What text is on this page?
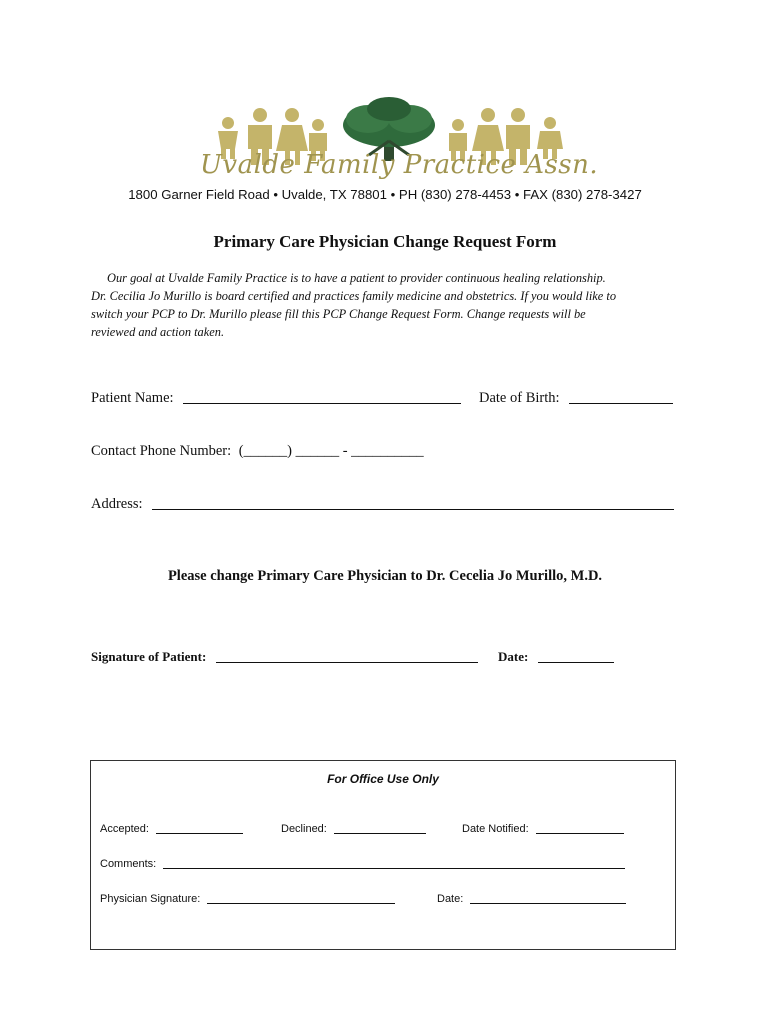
Uvalde Family Practice Assn.
1800 Garner Field Road • Uvalde, TX 78801 • PH (830) 278-4453 • FAX (830) 278-3427
Primary Care Physician Change Request Form

Our goal at Uvalde Family Practice is to have a patient to provider continuous healing relationship.

Dr. Cecilia Jo Murillo is board certified and practices family medicine and obstetrics. If you would like to

switch your PCP to Dr. Murillo please fill this PCP Change Request Form. Change requests will be

reviewed and action taken.

Patient Name:	Date of Birth:
Contact Phone Number: (______) ______ - __________
Address:
Please change Primary Care Physician to Dr. Cecelia Jo Murillo, M.D.
Signature of Patient:	Date:
For Office Use Only
Accepted:	Declined:	Date Notified:
Comments:
Physician Signature:	Date:
